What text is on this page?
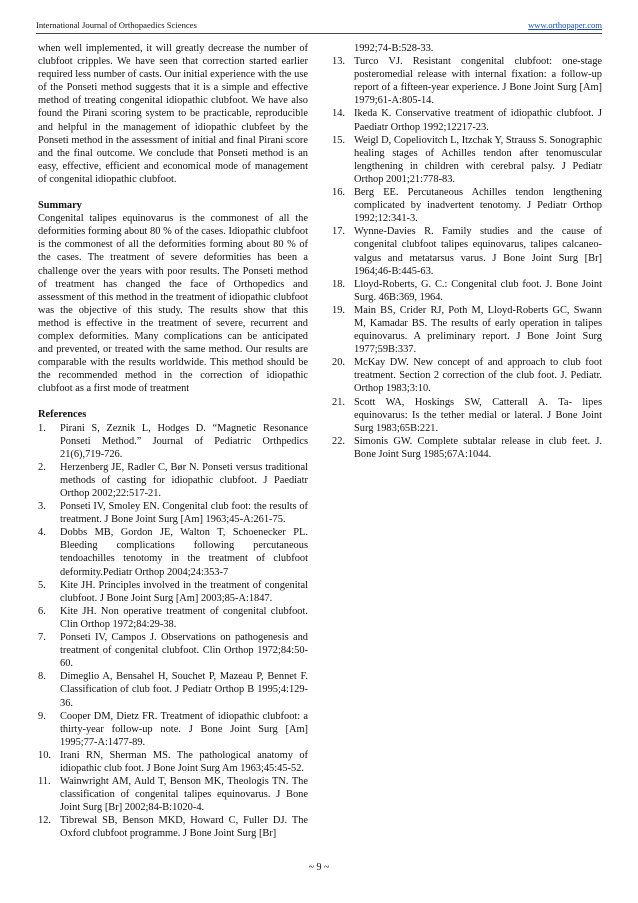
International Journal of Orthopaedics Sciences	www.orthopaper.com

when well implemented, it will greatly decrease the number of clubfoot cripples. We have seen that correction started earlier required less number of casts. Our initial experience with the use of the Ponseti method suggests that it is a simple and effective method of treating congenital idiopathic clubfoot. We have also found the Pirani scoring system to be practicable, reproducible and helpful in the management of idiopathic clubfeet by the Ponseti method in the assessment of initial and final Pirani score and the final outcome. We conclude that Ponseti method is an easy, effective, efficient and economical mode of management of congenital idiopathic clubfoot.

Summary

Congenital talipes equinovarus is the commonest of all the deformities forming about 80 % of the cases. Idiopathic clubfoot is the commonest of all the deformities forming about 80 % of the cases. The treatment of severe deformities has been a challenge over the years with poor results. The Ponseti method of treatment has changed the face of Orthopedics and assessment of this method in the treatment of idiopathic clubfoot was the objective of this study. The results show that this method is effective in the treatment of severe, recurrent and complex deformities. Many complications can be anticipated and prevented, or treated with the same method. Our results are comparable with the results worldwide. This method should be the recommended method in the correction of idiopathic clubfoot as a first mode of treatment

References

1.	Pirani S, Zeznik L, Hodges D. “Magnetic Resonance Ponseti Method.” Journal of Pediatric Orthpedics 21(6),719-726.
2.	Herzenberg JE, Radler C, Bør N. Ponseti versus traditional methods of casting for idiopathic clubfoot. J Paediatr Orthop 2002;22:517-21.
3.	Ponseti IV, Smoley EN. Congenital club foot: the results of treatment. J Bone Joint Surg [Am] 1963;45-A:261-75.
4.	Dobbs MB, Gordon JE, Walton T, Schoenecker PL. Bleeding complications following percutaneous tendoachilles tenotomy in the treatment of clubfoot deformity.Pediatr Orthop 2004;24:353-7
5.	Kite JH. Principles involved in the treatment of congenital clubfoot. J Bone Joint Surg [Am] 2003;85-A:1847.
6.	Kite JH. Non operative treatment of congenital clubfoot. Clin Orthop 1972;84:29-38.
7.	Ponseti IV, Campos J. Observations on pathogenesis and treatment of congenital clubfoot. Clin Orthop 1972;84:50-60.
8.	Dimeglio A, Bensahel H, Souchet P, Mazeau P, Bennet F. Classification of club foot. J Pediatr Orthop B 1995;4:129-36.
9.	Cooper DM, Dietz FR. Treatment of idiopathic clubfoot: a thirty-year follow-up note. J Bone Joint Surg [Am] 1995;77-A:1477-89.
10. Irani RN, Sherman MS. The pathological anatomy of idiopathic club foot. J Bone Joint Surg Am 1963;45:45-52.
11. Wainwright AM, Auld T, Benson MK, Theologis TN. The classification of congenital talipes equinovarus. J Bone Joint Surg [Br] 2002;84-B:1020-4.
12. Tibrewal SB, Benson MKD, Howard C, Fuller DJ. The Oxford clubfoot programme. J Bone Joint Surg [Br]
1992;74-B:528-33.
13. Turco VJ. Resistant congenital clubfoot: one-stage posteromedial release with internal fixation: a follow-up report of a fifteen-year experience. J Bone Joint Surg [Am] 1979;61-A:805-14.
14. Ikeda K. Conservative treatment of idiopathic clubfoot. J Paediatr Orthop 1992;12217-23.
15. Weigl D, Copeliovitch L, Itzchak Y, Strauss S. Sonographic healing stages of Achilles tendon after tenomuscular lengthening in children with cerebral palsy. J Pediatr Orthop 2001;21:778-83.
16. Berg EE. Percutaneous Achilles tendon lengthening complicated by inadvertent tenotomy. J Pediatr Orthop 1992;12:341-3.
17. Wynne-Davies R. Family studies and the cause of congenital clubfoot talipes equinovarus, talipes calcaneo-valgus and metatarsus varus. J Bone Joint Surg [Br] 1964;46-B:445-63.
18. Lloyd-Roberts, G. C.: Congenital club foot. J. Bone Joint Surg. 46B:369, 1964.
19. Main BS, Crider RJ, Poth M, Lloyd-Roberts GC, Swann M, Kamadar BS. The results of early operation in talipes equinovarus. A preliminary report. J Bone Joint Surg 1977;59B:337.
20. McKay DW. New concept of and approach to club foot treatment. Section 2 correction of the club foot. J. Pediatr. Orthop 1983;3:10.
21. Scott WA, Hoskings SW, Catterall A. Ta- lipes equinovarus: Is the tether medial or lateral. J Bone Joint Surg 1983;65B:221.
22. Simonis GW. Complete subtalar release in club feet. J. Bone Joint Surg 1985;67A:1044.
~ 9 ~
